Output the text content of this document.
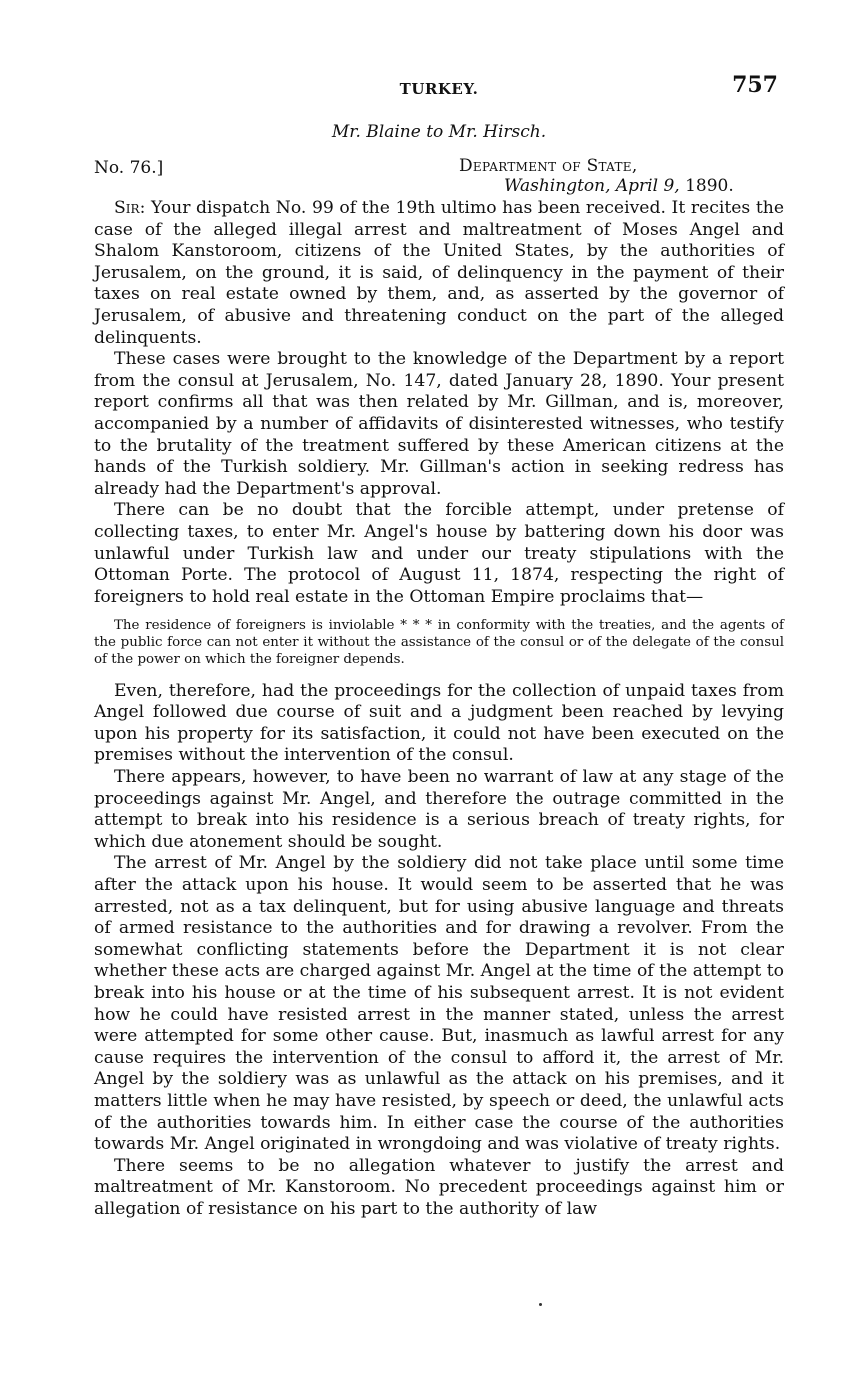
TURKEY.	757
Mr. Blaine to Mr. Hirsch.
No. 76.]	Department of State,
Washington, April 9, 1890.

Sir: Your dispatch No. 99 of the 19th ultimo has been received. It recites the case of the alleged illegal arrest and maltreatment of Moses Angel and Shalom Kanstoroom, citizens of the United States, by the authorities of Jerusalem, on the ground, it is said, of delinquency in the payment of their taxes on real estate owned by them, and, as asserted by the governor of Jerusalem, of abusive and threatening conduct on the part of the alleged delinquents.

These cases were brought to the knowledge of the Department by a report from the consul at Jerusalem, No. 147, dated January 28, 1890. Your present report confirms all that was then related by Mr. Gillman, and is, moreover, accompanied by a number of affidavits of disinterested witnesses, who testify to the brutality of the treatment suffered by these American citizens at the hands of the Turkish soldiery. Mr. Gillman's action in seeking redress has already had the Department's approval.

There can be no doubt that the forcible attempt, under pretense of collecting taxes, to enter Mr. Angel's house by battering down his door was unlawful under Turkish law and under our treaty stipulations with the Ottoman Porte. The protocol of August 11, 1874, respecting the right of foreigners to hold real estate in the Ottoman Empire proclaims that—

The residence of foreigners is inviolable * * * in conformity with the treaties, and the agents of the public force can not enter it without the assistance of the consul or of the delegate of the consul of the power on which the foreigner depends.

Even, therefore, had the proceedings for the collection of unpaid taxes from Angel followed due course of suit and a judgment been reached by levying upon his property for its satisfaction, it could not have been executed on the premises without the intervention of the consul.

There appears, however, to have been no warrant of law at any stage of the proceedings against Mr. Angel, and therefore the outrage committed in the attempt to break into his residence is a serious breach of treaty rights, for which due atonement should be sought.

The arrest of Mr. Angel by the soldiery did not take place until some time after the attack upon his house. It would seem to be asserted that he was arrested, not as a tax delinquent, but for using abusive language and threats of armed resistance to the authorities and for drawing a revolver. From the somewhat conflicting statements before the Department it is not clear whether these acts are charged against Mr. Angel at the time of the attempt to break into his house or at the time of his subsequent arrest. It is not evident how he could have resisted arrest in the manner stated, unless the arrest were attempted for some other cause. But, inasmuch as lawful arrest for any cause requires the intervention of the consul to afford it, the arrest of Mr. Angel by the soldiery was as unlawful as the attack on his premises, and it matters little when he may have resisted, by speech or deed, the unlawful acts of the authorities towards him. In either case the course of the authorities towards Mr. Angel originated in wrongdoing and was violative of treaty rights.

There seems to be no allegation whatever to justify the arrest and maltreatment of Mr. Kanstoroom. No precedent proceedings against him or allegation of resistance on his part to the authority of law
